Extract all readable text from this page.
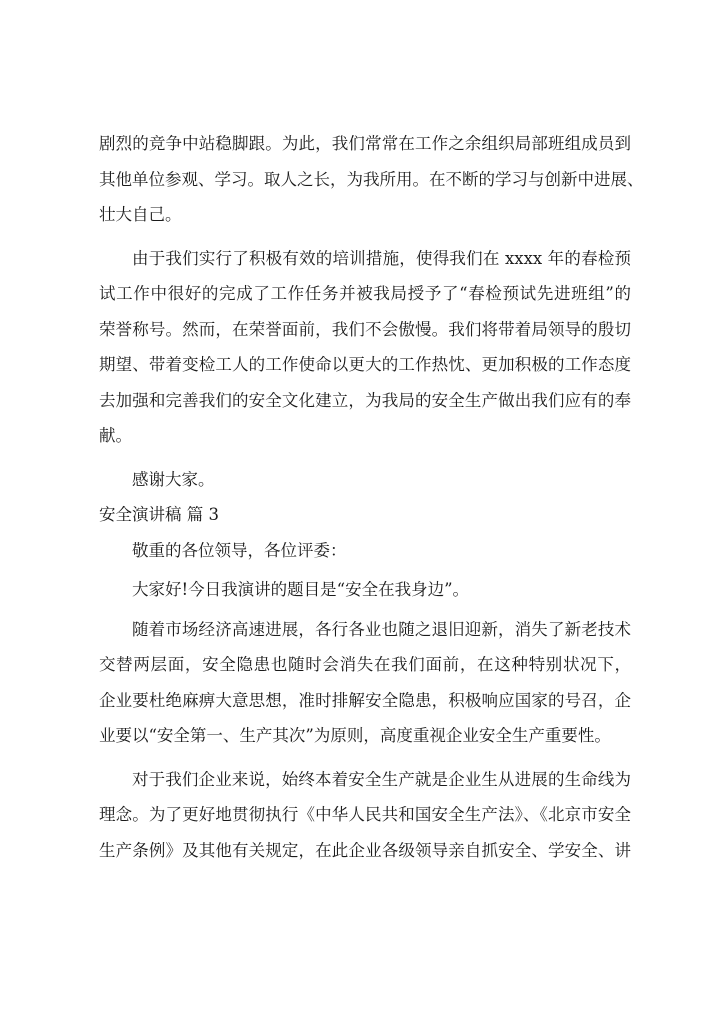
剧烈的竞争中站稳脚跟。为此，我们常常在工作之余组织局部班组成员到
其他单位参观、学习。取人之长，为我所用。在不断的学习与创新中进展、
壮大自己。
由于我们实行了积极有效的培训措施，使得我们在 xxxx 年的春检预
试工作中很好的完成了工作任务并被我局授予了“春检预试先进班组”的
荣誉称号。然而，在荣誉面前，我们不会傲慢。我们将带着局领导的殷切
期望、带着变检工人的工作使命以更大的工作热忱、更加积极的工作态度
去加强和完善我们的安全文化建立，为我局的安全生产做出我们应有的奉
献。
感谢大家。
安全演讲稿 篇 3
敬重的各位领导，各位评委：
大家好!今日我演讲的题目是“安全在我身边”。
随着市场经济高速进展，各行各业也随之退旧迎新，消失了新老技术
交替两层面，安全隐患也随时会消失在我们面前，在这种特别状况下，
企业要杜绝麻痹大意思想，准时排解安全隐患，积极响应国家的号召，企
业要以“安全第一、生产其次”为原则，高度重视企业安全生产重要性。
对于我们企业来说，始终本着安全生产就是企业生从进展的生命线为
理念。为了更好地贯彻执行《中华人民共和国安全生产法》、《北京市安全
生产条例》及其他有关规定，在此企业各级领导亲自抓安全、学安全、讲
